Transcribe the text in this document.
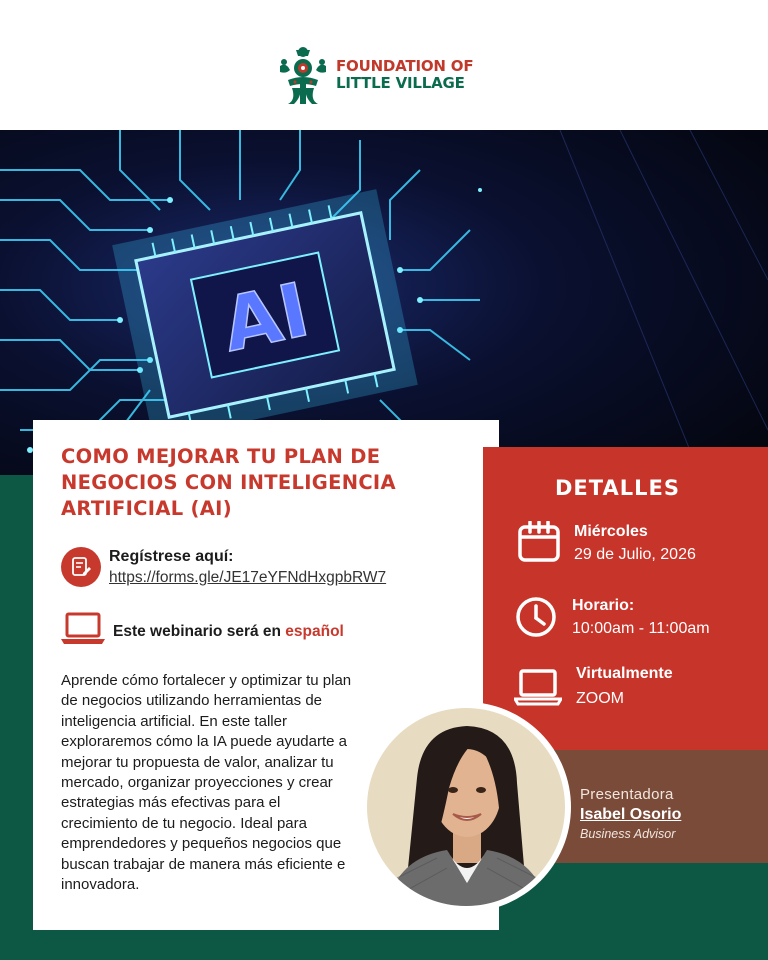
FOUNDATION OF
LITTLE VILLAGE
AI
COMO MEJORAR TU PLAN DE
NEGOCIOS CON INTELIGENCIA
ARTIFICIAL (AI)
Regístrese aquí:
https://forms.gle/JE17eYFNdHxgpbRW7
Este webinario será en español
Aprende cómo fortalecer y optimizar tu plan de negocios utilizando herramientas de inteligencia artificial. En este taller exploraremos cómo la IA puede ayudarte a mejorar tu propuesta de valor, analizar tu mercado, organizar proyecciones y crear estrategias más efectivas para el crecimiento de tu negocio. Ideal para emprendedores y pequeños negocios que buscan trabajar de manera más eficiente e innovadora.
DETALLES
Miércoles
29 de Julio, 2026
Horario:
10:00am - 11:00am
Virtualmente
ZOOM
Presentadora
Isabel Osorio
Business Advisor
